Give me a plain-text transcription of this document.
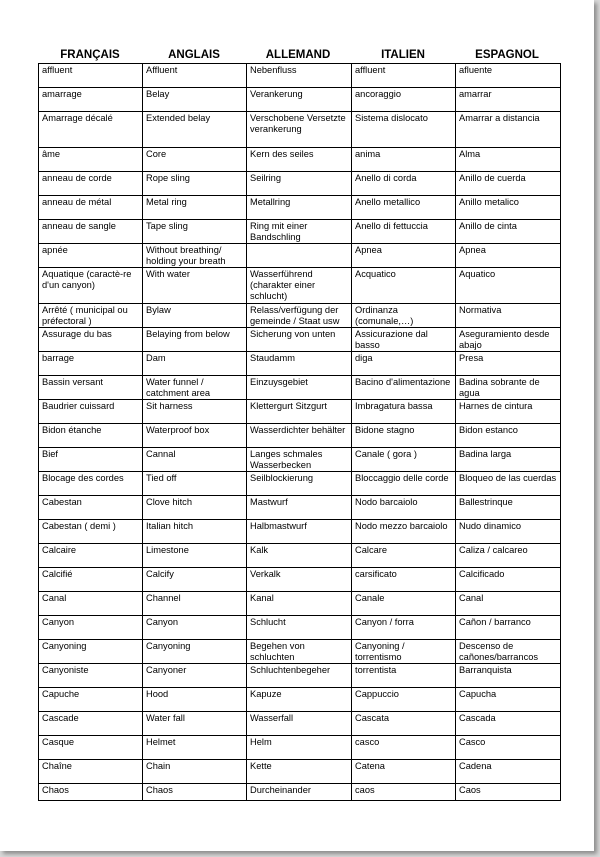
FRANÇAIS	ANGLAIS	ALLEMAND	ITALIEN	ESPAGNOL
affluent	Affluent	Nebenfluss	affluent	afluente
amarrage	Belay	Verankerung	ancoraggio	amarrar
Amarrage décalé	Extended belay	Verschobene Versetzte verankerung	Sistema dislocato	Amarrar a distancia
âme	Core	Kern des seiles	anima	Alma
anneau de corde	Rope sling	Seilring	Anello di corda	Anillo de cuerda
anneau de métal	Metal ring	Metallring	Anello metallico	Anillo metalico
anneau de sangle	Tape sling	Ring mit einer Bandschling	Anello di fettuccia	Anillo de cinta
apnée	Without breathing/ holding your breath		Apnea	Apnea
Aquatique (caractè-re d'un canyon)	With water	Wasserführend (charakter einer schlucht)	Acquatico	Aquatico
Arrêté ( municipal ou préfectoral )	Bylaw	Relass/verfügung der gemeinde / Staat usw	Ordinanza (comunale,…)	Normativa
Assurage du bas	Belaying from below	Sicherung von unten	Assicurazione dal basso	Aseguramiento desde abajo
barrage	Dam	Staudamm	diga	Presa
Bassin versant	Water funnel / catchment area	Einzuysgebiet	Bacino d'alimentazione	Badina sobrante de agua
Baudrier cuissard	Sit harness	Klettergurt Sitzgurt	Imbragatura bassa	Harnes de cintura
Bidon étanche	Waterproof box	Wasserdichter behälter	Bidone stagno	Bidon estanco
Bief	Cannal	Langes schmales Wasserbecken	Canale ( gora )	Badina larga
Blocage des cordes	Tied off	Seilblockierung	Bloccaggio delle corde	Bloqueo de las cuerdas
Cabestan	Clove hitch	Mastwurf	Nodo barcaiolo	Ballestrinque
Cabestan ( demi )	Italian hitch	Halbmastwurf	Nodo mezzo barcaiolo	Nudo dinamico
Calcaire	Limestone	Kalk	Calcare	Caliza / calcareo
Calcifié	Calcify	Verkalk	carsificato	Calcificado
Canal	Channel	Kanal	Canale	Canal
Canyon	Canyon	Schlucht	Canyon / forra	Cañon / barranco
Canyoning	Canyoning	Begehen von schluchten	Canyoning / torrentismo	Descenso de cañones/barrancos
Canyoniste	Canyoner	Schluchtenbegeher	torrentista	Barranquista
Capuche	Hood	Kapuze	Cappuccio	Capucha
Cascade	Water fall	Wasserfall	Cascata	Cascada
Casque	Helmet	Helm	casco	Casco
Chaîne	Chain	Kette	Catena	Cadena
Chaos	Chaos	Durcheinander	caos	Caos
